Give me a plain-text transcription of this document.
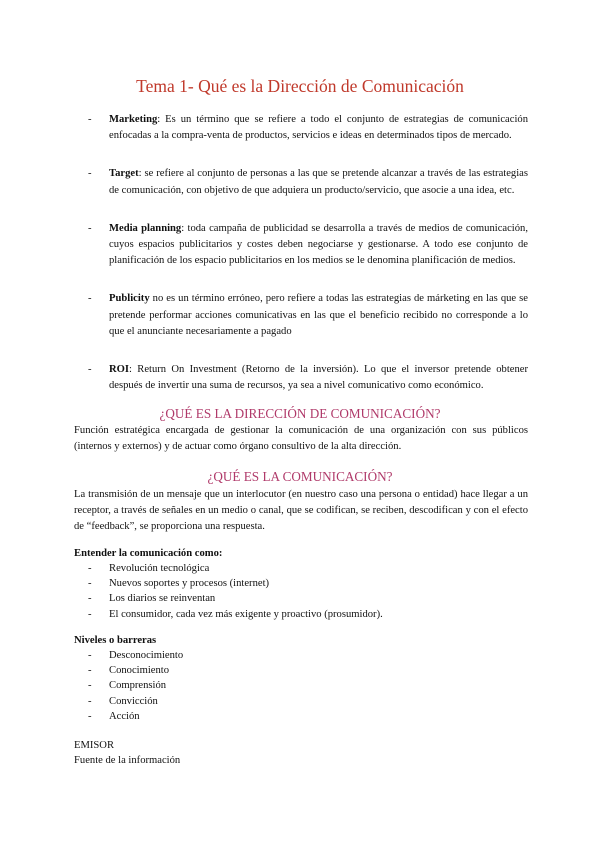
Tema 1- Qué es la Dirección de Comunicación
- Marketing: Es un término que se refiere a todo el conjunto de estrategias de comunicación enfocadas a la compra-venta de productos, servicios e ideas en determinados tipos de mercado.
- Target: se refiere al conjunto de personas a las que se pretende alcanzar a través de las estrategias de comunicación, con objetivo de que adquiera un producto/servicio, que asocie a una idea, etc.
- Media planning: toda campaña de publicidad se desarrolla a través de medios de comunicación, cuyos espacios publicitarios y costes deben negociarse y gestionarse. A todo ese conjunto de planificación de los espacio publicitarios en los medios se le denomina planificación de medios.
- Publicity no es un término erróneo, pero refiere a todas las estrategias de márketing en las que se pretende performar acciones comunicativas en las que el beneficio recibido no corresponde a lo que el anunciante necesariamente a pagado
- ROI: Return On Investment (Retorno de la inversión). Lo que el inversor pretende obtener después de invertir una suma de recursos, ya sea a nivel comunicativo como económico.
¿QUÉ ES LA DIRECCIÓN DE COMUNICACIÓN?

Función estratégica encargada de gestionar la comunicación de una organización con sus públicos (internos y externos) y de actuar como órgano consultivo de la alta dirección.

¿QUÉ ES LA COMUNICACIÓN?

La transmisión de un mensaje que un interlocutor (en nuestro caso una persona o entidad) hace llegar a un receptor, a través de señales en un medio o canal, que se codifican, se reciben, descodifican y con el efecto de “feedback”, se proporciona una respuesta.

Entender la comunicación como:

- Revolución tecnológica
- Nuevos soportes y procesos (internet)
- Los diarios se reinventan
- El consumidor, cada vez más exigente y proactivo (prosumidor).

Niveles o barreras

- Desconocimiento
- Conocimiento
- Comprensión
- Convicción
- Acción

EMISOR

Fuente de la información
